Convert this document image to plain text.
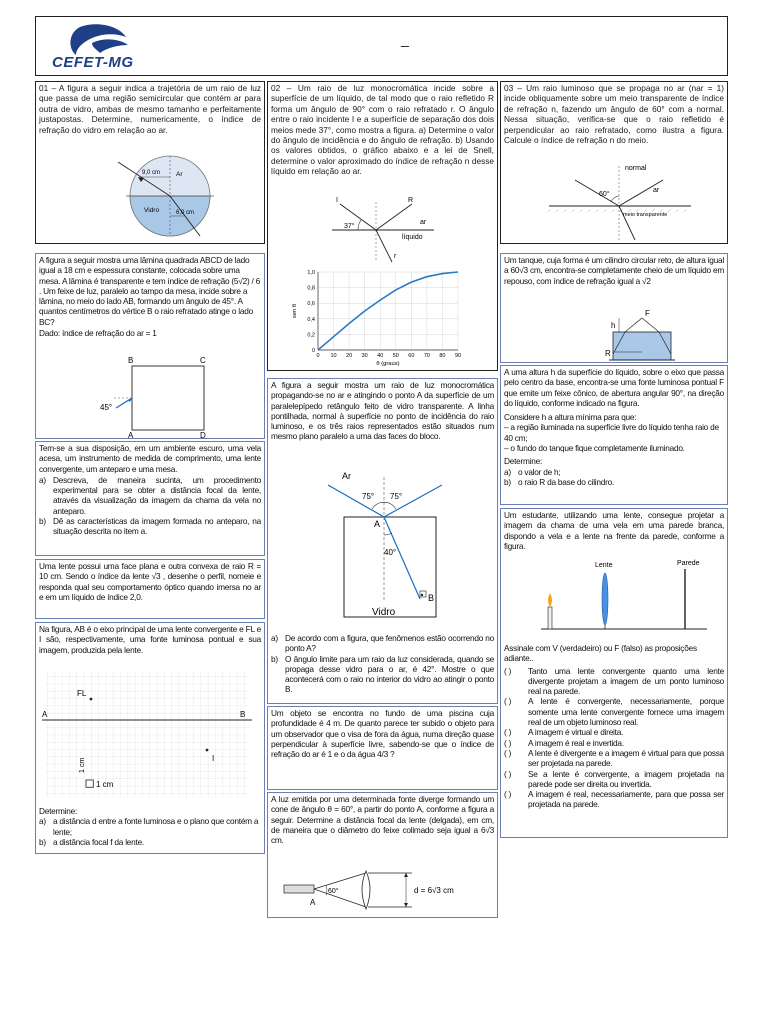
CEFET-MG
_
01 – A figura a seguir indica a trajetória de um raio de luz que passa de uma região semicircular que contém ar para outra de vidro, ambas de mesmo tamanho e perfeitamente justapostas. Determine, numericamente, o índice de refração do vidro em relação ao ar.
9,0 cm
6,0 cm
Ar
Vidro
02 – Um raio de luz monocromática incide sobre a superfície de um líquido, de tal modo que o raio refletido R forma um ângulo de 90° com o raio refratado r. O ângulo entre o raio incidente I e a superfície de separação dos dois meios mede 37°, como mostra a figura. a) Determine o valor do ângulo de incidência e do ângulo de refração. b) Usando os valores obtidos, o gráfico abaixo e a lei de Snell, determine o valor aproximado do índice de refração n desse líquido em relação ao ar.
I	R
r
37°
ar
líquido
0
0,2
0,4
0,6
0,8
1,0
0 10 20 30 40 50 60 70 80 90
θ (graus)
sen θ
03 – Um raio luminoso que se propaga no ar (nar = 1) incide obliquamente sobre um meio transparente de índice de refração n, fazendo um ângulo de 60° com a normal. Nessa situação, verifica-se que o raio refletido é perpendicular ao raio refratado, como ilustra a figura. Calcule o índice de refração n do meio.
normal
ar
60°
meio transparente
A figura a seguir mostra uma lâmina quadrada ABCD de lado igual a 18 cm e espessura constante, colocada sobre uma mesa. A lâmina é transparente e tem índice de refração (5√2) / 6 . Um feixe de luz, paralelo ao tampo da mesa, incide sobre a lâmina, no meio do lado AB, formando um ângulo de 45°. A quantos centímetros do vértice B o raio refratado atinge o lado BC?
Dado: índice de refração do ar = 1
B	C
A	D
45°
Tem-se a sua disposição, em um ambiente escuro, uma vela acesa, um instrumento de medida de comprimento, uma lente convergente, um anteparo e uma mesa.
a) Descreva, de maneira sucinta, um procedimento experimental para se obter a distância focal da lente, através da visualização da imagem da chama da vela no anteparo.
b) Dê as características da imagem formada no anteparo, na situação descrita no item a.
Uma lente possui uma face plana e outra convexa de raio R = 10 cm. Sendo o índice da lente √3 , desenhe o perfil, nomeie e responda qual seu comportamento óptico quando imersa no ar e em um líquido de índice 2,0.
Na figura, AB é o eixo principal de uma lente convergente e FL e I são, respectivamente, uma fonte luminosa pontual e sua imagem, produzida pela lente.
A	B
FL
I
1 cm
1 cm
Determine:
a) a distância d entre a fonte luminosa e o plano que contém a lente;
b) a distância focal f da lente.
A figura a seguir mostra um raio de luz monocromática propagando-se no ar e atingindo o ponto A da superfície de um paralelepípedo retângulo feito de vidro transparente. A linha pontilhada, normal à superfície no ponto de incidência do raio luminoso, e os três raios representados estão situados num mesmo plano paralelo a uma das faces do bloco.
Ar
75° 75°
A
40°
B
Vidro
a) De acordo com a figura, que fenômenos estão ocorrendo no ponto A?
b) O ângulo limite para um raio da luz considerada, quando se propaga desse vidro para o ar, é 42°. Mostre o que acontecerá com o raio no interior do vidro ao atingir o ponto B.
Um objeto se encontra no fundo de uma piscina cuja profundidade é 4 m. De quanto parece ter subido o objeto para um observador que o visa de fora da água, numa direção quase perpendicular à superfície livre, sabendo-se que o índice de refração do ar é 1 e o da água 4/3 ?
A luz emitida por uma determinada fonte diverge formando um cone de ângulo θ = 60°, a partir do ponto A, conforme a figura a seguir. Determine a distância focal da lente (delgada), em cm, de maneira que o diâmetro do feixe colimado seja igual a 6√3 cm.
60°
A
d = 6√3 cm
Um tanque, cuja forma é um cilindro circular reto, de altura igual a 60√3 cm, encontra-se completamente cheio de um líquido em repouso, com índice de refração igual a √2
F
h
R
A uma altura h da superfície do líquido, sobre o eixo que passa pelo centro da base, encontra-se uma fonte luminosa pontual F que emite um feixe cônico, de abertura angular 90°, na direção do líquido, conforme indicado na figura.
Considere h a altura mínima para que:
– a região iluminada na superfície livre do líquido tenha raio de 40 cm;
– o fundo do tanque fique completamente iluminado.
Determine:
a) o valor de h;
b) o raio R da base do cilindro.
Um estudante, utilizando uma lente, consegue projetar a imagem da chama de uma vela em uma parede branca, dispondo a vela e a lente na frente da parede, conforme a figura.
Lente	Parede
Assinale com V (verdadeiro) ou F (falso) as proposições adiante..
( )	Tanto uma lente convergente quanto uma lente divergente projetam a imagem de um ponto luminoso real na parede.
( )	A lente é convergente, necessariamente, porque somente uma lente convergente fornece uma imagem real de um objeto luminoso real.
( )	A imagem é virtual e direita.
( )	A imagem é real e invertida.
( )	A lente é divergente e a imagem é virtual para que possa ser projetada na parede.
( )	Se a lente é convergente, a imagem projetada na parede pode ser direita ou invertida.
( )	A imagem é real, necessariamente, para que possa ser projetada na parede.
